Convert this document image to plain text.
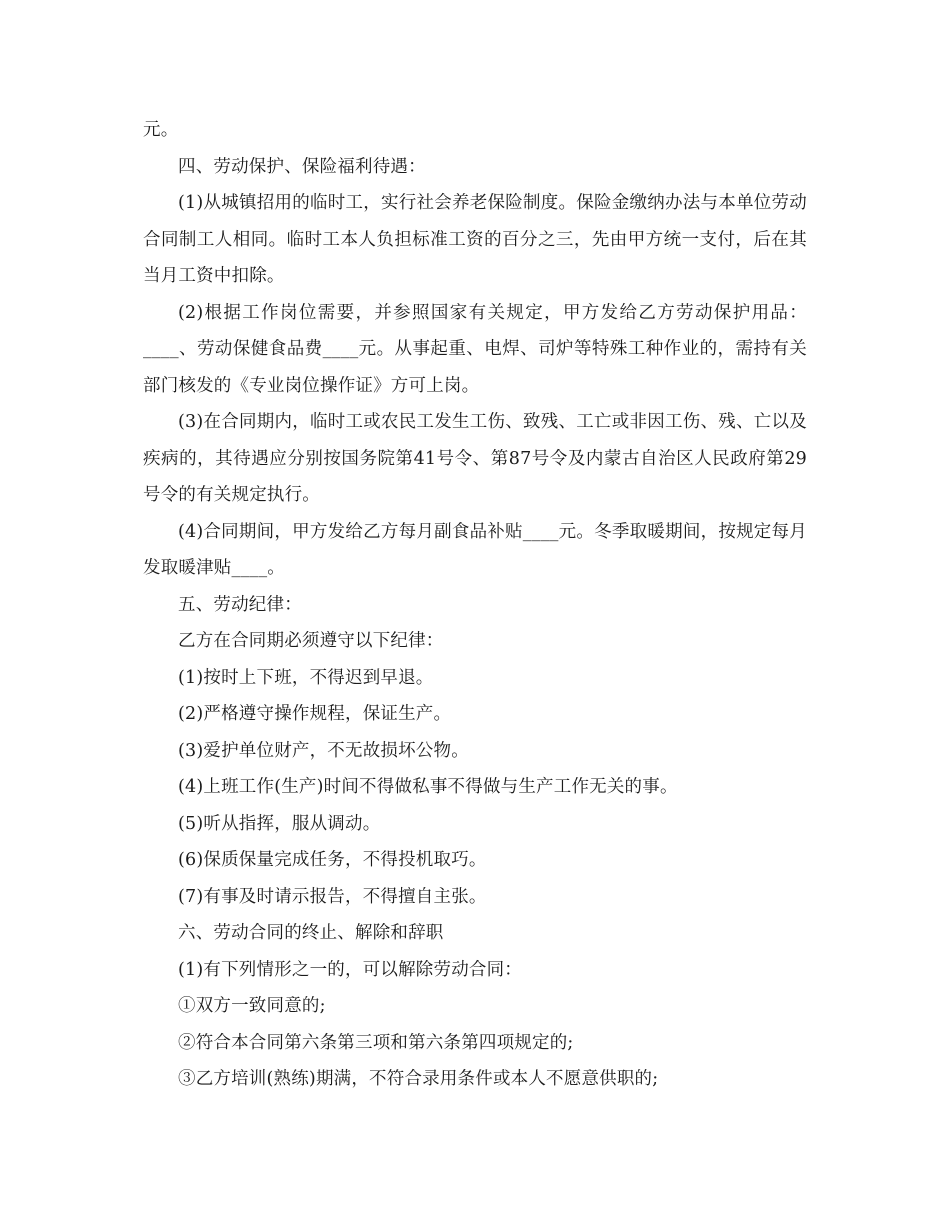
元。

四、劳动保护、保险福利待遇：

(1)从城镇招用的临时工，实行社会养老保险制度。保险金缴纳办法与本单位劳动合同制工人相同。临时工本人负担标准工资的百分之三，先由甲方统一支付，后在其当月工资中扣除。

(2)根据工作岗位需要，并参照国家有关规定，甲方发给乙方劳动保护用品：____、劳动保健食品费____元。从事起重、电焊、司炉等特殊工种作业的，需持有关部门核发的《专业岗位操作证》方可上岗。

(3)在合同期内，临时工或农民工发生工伤、致残、工亡或非因工伤、残、亡以及疾病的，其待遇应分别按国务院第41号令、第87号令及内蒙古自治区人民政府第29号令的有关规定执行。

(4)合同期间，甲方发给乙方每月副食品补贴____元。冬季取暖期间，按规定每月发取暖津贴____。

五、劳动纪律：

乙方在合同期必须遵守以下纪律：

(1)按时上下班，不得迟到早退。

(2)严格遵守操作规程，保证生产。

(3)爱护单位财产，不无故损坏公物。

(4)上班工作(生产)时间不得做私事不得做与生产工作无关的事。

(5)听从指挥，服从调动。

(6)保质保量完成任务，不得投机取巧。

(7)有事及时请示报告，不得擅自主张。

六、劳动合同的终止、解除和辞职

(1)有下列情形之一的，可以解除劳动合同：

①双方一致同意的;

②符合本合同第六条第三项和第六条第四项规定的;

③乙方培训(熟练)期满，不符合录用条件或本人不愿意供职的;
